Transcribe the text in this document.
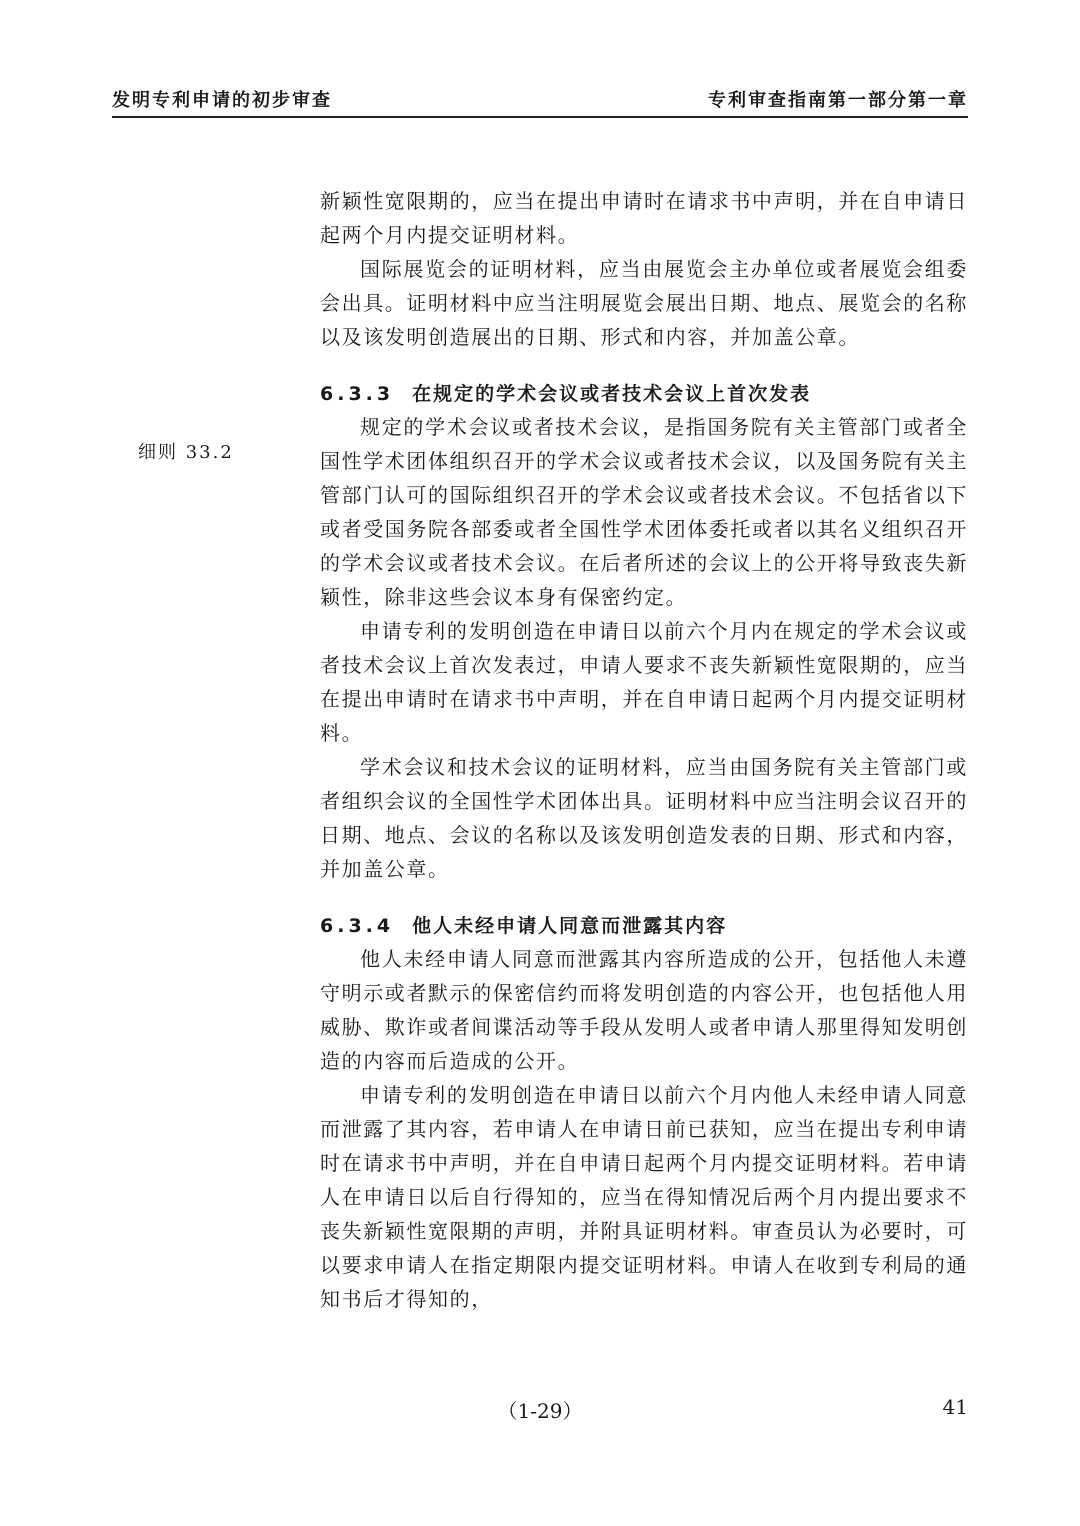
发明专利申请的初步审查	专利审查指南第一部分第一章
细则 33.2

新颖性宽限期的，应当在提出申请时在请求书中声明，并在自申请日起两个月内提交证明材料。

国际展览会的证明材料，应当由展览会主办单位或者展览会组委会出具。证明材料中应当注明展览会展出日期、地点、展览会的名称以及该发明创造展出的日期、形式和内容，并加盖公章。

6.3.3 在规定的学术会议或者技术会议上首次发表

规定的学术会议或者技术会议，是指国务院有关主管部门或者全国性学术团体组织召开的学术会议或者技术会议，以及国务院有关主管部门认可的国际组织召开的学术会议或者技术会议。不包括省以下或者受国务院各部委或者全国性学术团体委托或者以其名义组织召开的学术会议或者技术会议。在后者所述的会议上的公开将导致丧失新颖性，除非这些会议本身有保密约定。

申请专利的发明创造在申请日以前六个月内在规定的学术会议或者技术会议上首次发表过，申请人要求不丧失新颖性宽限期的，应当在提出申请时在请求书中声明，并在自申请日起两个月内提交证明材料。

学术会议和技术会议的证明材料，应当由国务院有关主管部门或者组织会议的全国性学术团体出具。证明材料中应当注明会议召开的日期、地点、会议的名称以及该发明创造发表的日期、形式和内容，并加盖公章。

6.3.4 他人未经申请人同意而泄露其内容

他人未经申请人同意而泄露其内容所造成的公开，包括他人未遵守明示或者默示的保密信约而将发明创造的内容公开，也包括他人用威胁、欺诈或者间谍活动等手段从发明人或者申请人那里得知发明创造的内容而后造成的公开。

申请专利的发明创造在申请日以前六个月内他人未经申请人同意而泄露了其内容，若申请人在申请日前已获知，应当在提出专利申请时在请求书中声明，并在自申请日起两个月内提交证明材料。若申请人在申请日以后自行得知的，应当在得知情况后两个月内提出要求不丧失新颖性宽限期的声明，并附具证明材料。审查员认为必要时，可以要求申请人在指定期限内提交证明材料。申请人在收到专利局的通知书后才得知的，

（1-29）	41
